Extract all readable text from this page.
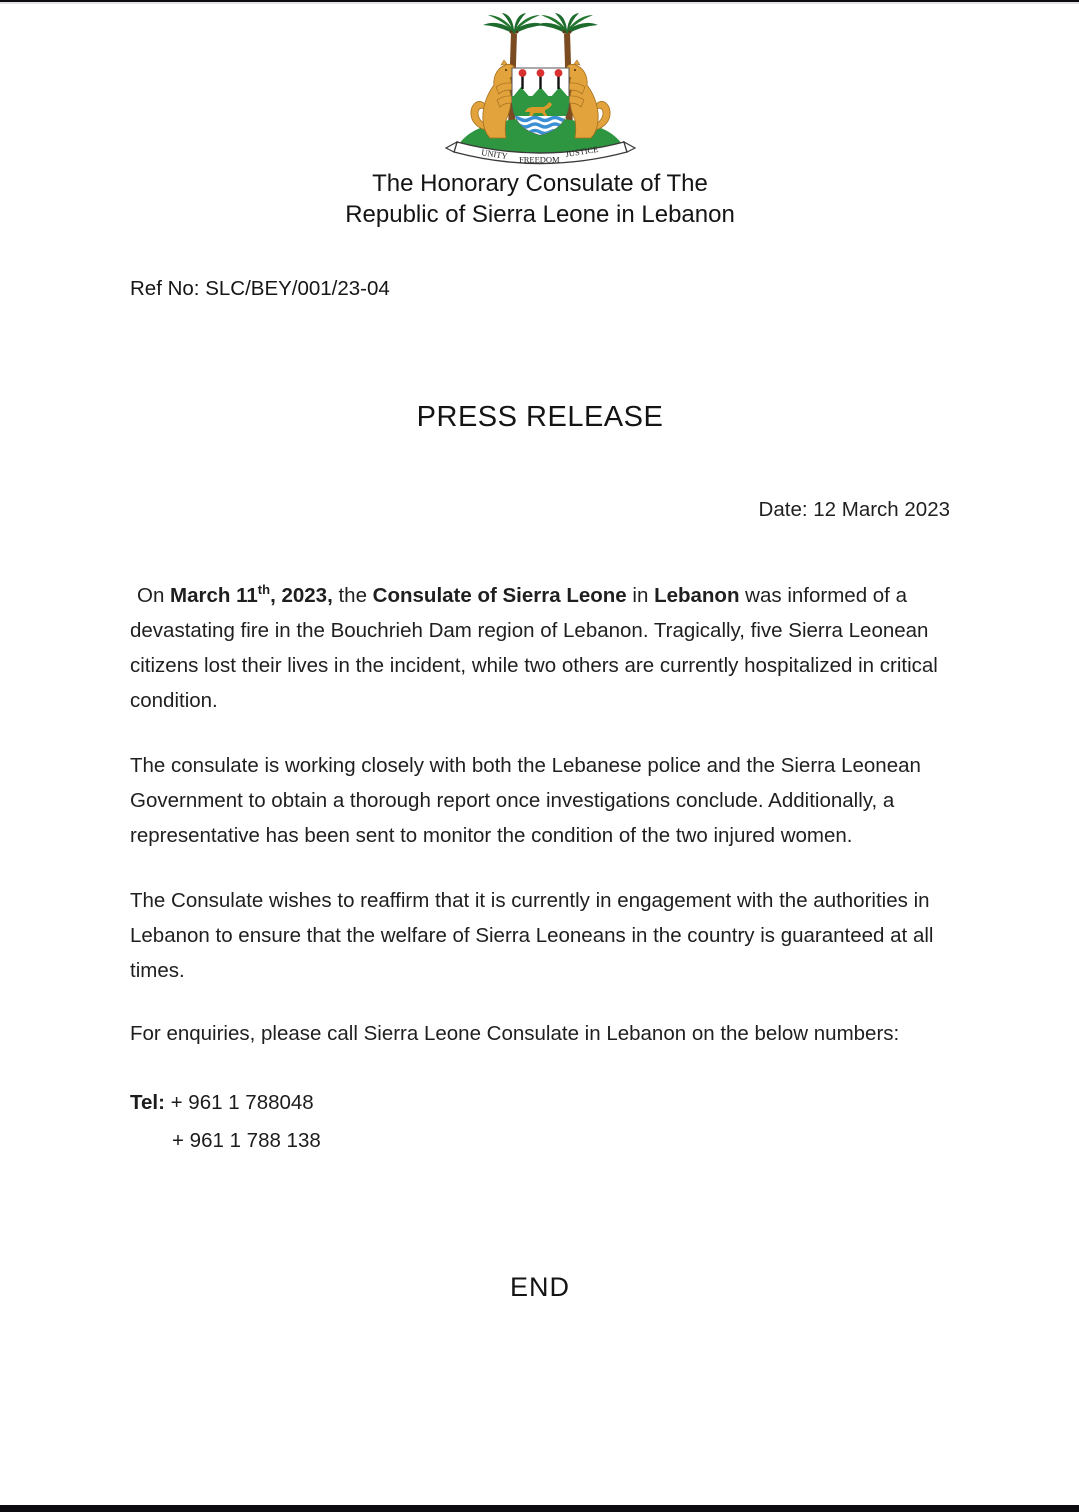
UNITY FREEDOM
JUSTICE
The Honorary Consulate of The
Republic of Sierra Leone in Lebanon
Ref No: SLC/BEY/001/23-04
PRESS RELEASE
Date: 12 March 2023

On March 11th, 2023, the Consulate of Sierra Leone in Lebanon was informed of a devastating fire in the Bouchrieh Dam region of Lebanon. Tragically, five Sierra Leonean citizens lost their lives in the incident, while two others are currently hospitalized in critical condition.

The consulate is working closely with both the Lebanese police and the Sierra Leonean Government to obtain a thorough report once investigations conclude. Additionally, a representative has been sent to monitor the condition of the two injured women.

The Consulate wishes to reaffirm that it is currently in engagement with the authorities in Lebanon to ensure that the welfare of Sierra Leoneans in the country is guaranteed at all times.

For enquiries, please call Sierra Leone Consulate in Lebanon on the below numbers:

Tel: + 961 1 788048
+ 961 1 788 138
END
